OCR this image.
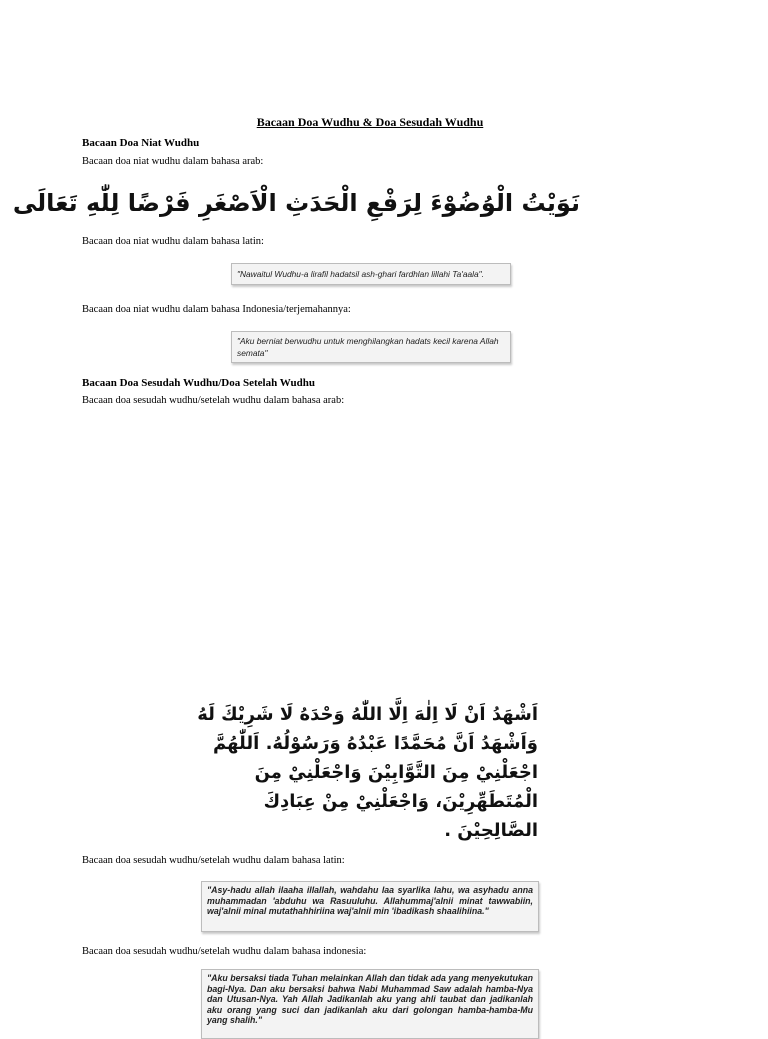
Bacaan Doa Wudhu & Doa Sesudah Wudhu
Bacaan Doa Niat Wudhu
Bacaan doa niat wudhu dalam bahasa arab:
نَوَيْتُ الْوُضُوْءَ لِرَفْعِ الْحَدَثِ الْاَصْغَرِ فَرْضًا لِلّٰهِ تَعَالَى
Bacaan doa niat wudhu dalam bahasa latin:
"Nawaitul Wudhu-a lirafil hadatsil ash-ghari fardhlan lillahi Ta'aala".
Bacaan doa niat wudhu dalam bahasa Indonesia/terjemahannya:
"Aku berniat berwudhu untuk menghilangkan hadats kecil karena Allah semata"
Bacaan Doa Sesudah Wudhu/Doa Setelah Wudhu
Bacaan doa sesudah wudhu/setelah wudhu dalam bahasa arab:
اَشْهَدُ اَنْ لَا اِلٰهَ اِلَّا اللّٰهُ وَحْدَهُ لَا شَرِيْكَ لَهُ
وَاَشْهَدُ اَنَّ مُحَمَّدًا عَبْدُهُ وَرَسُوْلُهُ. اَللّٰهُمَّ
اجْعَلْنِيْ مِنَ التَّوَّابِيْنَ وَاجْعَلْنِيْ مِنَ
الْمُتَطَهِّرِيْنَ، وَاجْعَلْنِيْ مِنْ عِبَادِكَ
الصَّالِحِيْنَ .
Bacaan doa sesudah wudhu/setelah wudhu dalam bahasa latin:
"Asy-hadu allah ilaaha illallah, wahdahu laa syarlika lahu, wa asyhadu anna muhammadan 'abduhu wa Rasuuluhu. Allahummaj'alnii minat tawwabiin, waj'alnii minal mutathahhiriina waj'alnii min 'ibadikash shaalihiina."
Bacaan doa sesudah wudhu/setelah wudhu dalam bahasa indonesia:
"Aku bersaksi tiada Tuhan melainkan Allah dan tidak ada yang menyekutukan bagi-Nya. Dan aku bersaksi bahwa Nabi Muhammad Saw adalah hamba-Nya dan Utusan-Nya. Yah Allah Jadikanlah aku yang ahli taubat dan jadikanlah aku orang yang suci dan jadikanlah aku dari golongan hamba-hamba-Mu yang shalih."
